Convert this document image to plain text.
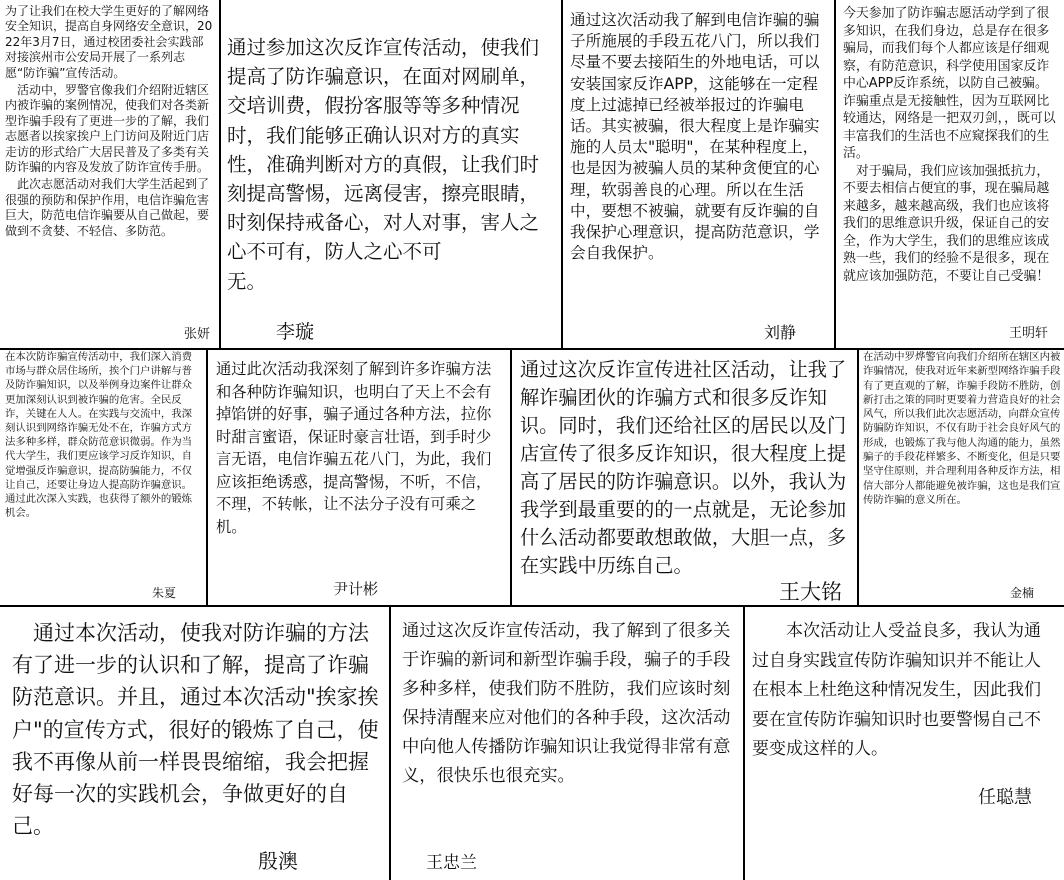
为了让我们在校大学生更好的了解网络安全知识，提高自身网络安全意识，2022年3月7日，通过校团委社会实践部对接滨州市公安局开展了一系列志愿“防诈骗”宣传活动。

活动中，罗警官像我们介绍附近辖区内被诈骗的案例情况，使我们对各类新型诈骗手段有了更进一步的了解，我们志愿者以挨家挨户上门访问及附近门店走访的形式给广大居民普及了多类有关防诈骗的内容及发放了防诈宣传手册。

此次志愿活动对我们大学生活起到了很强的预防和保护作用，电信诈骗危害巨大，防范电信诈骗要从自己做起，要做到不贪婪、不轻信、多防范。

张妍

通过参加这次反诈宣传活动，使我们提高了防诈骗意识，在面对网刷单，交培训费，假扮客服等等多种情况时，我们能够正确认识对方的真实性，准确判断对方的真假，让我们时刻提高警惕，远离侵害，擦亮眼睛，时刻保持戒备心，对人对事，害人之心不可有，防人之心不可

无。

李璇

通过这次活动我了解到电信诈骗的骗子所施展的手段五花八门，所以我们尽量不要去接陌生的外地电话，可以安装国家反诈APP，这能够在一定程度上过滤掉已经被举报过的诈骗电话。其实被骗，很大程度上是诈骗实施的人员太"聪明"，在某种程度上，也是因为被骗人员的某种贪便宜的心理，软弱善良的心理。所以在生活中，要想不被骗，就要有反诈骗的自我保护心理意识，提高防范意识，学会自我保护。

刘静

今天参加了防诈骗志愿活动学到了很多知识，在我们身边，总是存在很多骗局，而我们每个人都应该是仔细观察，有防范意识，科学使用国家反诈中心APP反诈系统，以防自己被骗。诈骗重点是无接触性，因为互联网比较通达，网络是一把双刃剑，，既可以丰富我们的生活也不应窥探我们的生活。

对于骗局，我们应该加强抵抗力，不要去相信占便宜的事，现在骗局越来越多，越来越高级，我们也应该将我们的思维意识升级，保证自己的安全，作为大学生，我们的思维应该成熟一些，我们的经验不是很多，现在就应该加强防范，不要让自己受骗！

王明轩

在本次防诈骗宣传活动中，我们深入消费市场与群众居住场所，挨个门户讲解与普及防诈骗知识，以及举例身边案件让群众更加深刻认识到被诈骗的危害。全民反诈，关键在人人。在实践与交流中，我深刻认识到网络诈骗无处不在，诈骗方式方法多种多样，群众防范意识微弱。作为当代大学生，我们更应该学习反诈知识，自觉增强反诈骗意识，提高防骗能力，不仅让自己，还要让身边人提高防诈骗意识。通过此次深入实践，也获得了额外的锻炼机会。

朱夏

通过此次活动我深刻了解到许多诈骗方法和各种防诈骗知识，也明白了天上不会有掉馅饼的好事，骗子通过各种方法，拉你时甜言蜜语，保证时豪言壮语，到手时少言无语，电信诈骗五花八门，为此，我们应该拒绝诱惑，提高警惕，不听，不信，不理，不转帐，让不法分子没有可乘之机。

尹计彬

通过这次反诈宣传进社区活动，让我了解诈骗团伙的诈骗方式和很多反诈知识。同时，我们还给社区的居民以及门店宣传了很多反诈知识，很大程度上提高了居民的防诈骗意识。以外，我认为我学到最重要的的一点就是，无论参加什么活动都要敢想敢做，大胆一点，多在实践中历练自己。

王大铭

在活动中罗烨警官向我们介绍所在辖区内被诈骗情况，使我对近年来新型网络诈骗手段有了更直观的了解，诈骗手段防不胜防，创新打击之策的同时更要着力营造良好的社会风气，所以我们此次志愿活动，向群众宣传防骗防诈知识，不仅有助于社会良好风气的形成，也锻炼了我与他人沟通的能力，虽然骗子的手段花样繁多、不断变化，但是只要坚守住原则，并合理利用各种反诈方法，相信大部分人都能避免被诈骗，这也是我们宣传防诈骗的意义所在。

金楠

通过本次活动，使我对防诈骗的方法有了进一步的认识和了解，提高了诈骗防范意识。并且，通过本次活动"挨家挨户"的宣传方式，很好的锻炼了自己，使我不再像从前一样畏畏缩缩，我会把握好每一次的实践机会，争做更好的自己。

殷澳

通过这次反诈宣传活动，我了解到了很多关于诈骗的新词和新型诈骗手段，骗子的手段多种多样，使我们防不胜防，我们应该时刻保持清醒来应对他们的各种手段，这次活动中向他人传播防诈骗知识让我觉得非常有意义，很快乐也很充实。

王忠兰

本次活动让人受益良多，我认为通过自身实践宣传防诈骗知识并不能让人在根本上杜绝这种情况发生，因此我们要在宣传防诈骗知识时也要警惕自己不要变成这样的人。

任聪慧
